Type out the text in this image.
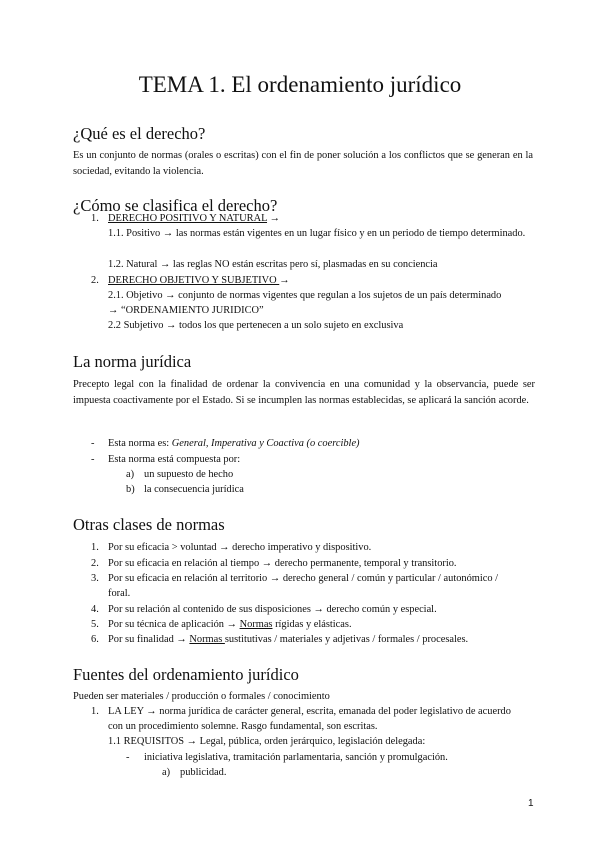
TEMA 1. El ordenamiento jurídico
¿Qué es el derecho?

Es un conjunto de normas (orales o escritas) con el fin de poner solución a los conflictos que se generan en la sociedad, evitando la violencia.

¿Cómo se clasifica el derecho?
1. DERECHO POSITIVO Y NATURAL →

1.1. Positivo → las normas están vigentes en un lugar físico y en un periodo de tiempo determinado.

1.2. Natural → las reglas NO están escritas pero sí, plasmadas en su conciencia

2. DERECHO OBJETIVO Y SUBJETIVO →

2.1. Objetivo → conjunto de normas vigentes que regulan a los sujetos de un país determinado

→ “ORDENAMIENTO JURIDICO”

2.2 Subjetivo → todos los que pertenecen a un solo sujeto en exclusiva

La norma jurídica

Precepto legal con la finalidad de ordenar la convivencia en una comunidad y la observancia, puede ser impuesta coactivamente por el Estado. Si se incumplen las normas establecidas, se aplicará la sanción acorde.

- Esta norma es: General, Imperativa y Coactiva (o coercible)

- Esta norma está compuesta por:

a) un supuesto de hecho

b) la consecuencia jurídica

Otras clases de normas
1. Por su eficacia > voluntad → derecho imperativo y dispositivo.

2. Por su eficacia en relación al tiempo → derecho permanente, temporal y transitorio.

3. Por su eficacia en relación al territorio → derecho general / común y particular / autonómico /

foral.

4. Por su relación al contenido de sus disposiciones → derecho común y especial.

5. Por su técnica de aplicación → Normas rígidas y elásticas.

6. Por su finalidad → Normas sustitutivas / materiales y adjetivas / formales / procesales.

Fuentes del ordenamiento jurídico

Pueden ser materiales / producción o formales / conocimiento

1. LA LEY → norma jurídica de carácter general, escrita, emanada del poder legislativo de acuerdo

con un procedimiento solemne. Rasgo fundamental, son escritas.

1.1 REQUISITOS → Legal, pública, orden jerárquico, legislación delegada:

- iniciativa legislativa, tramitación parlamentaria, sanción y promulgación.

a) publicidad.

1
